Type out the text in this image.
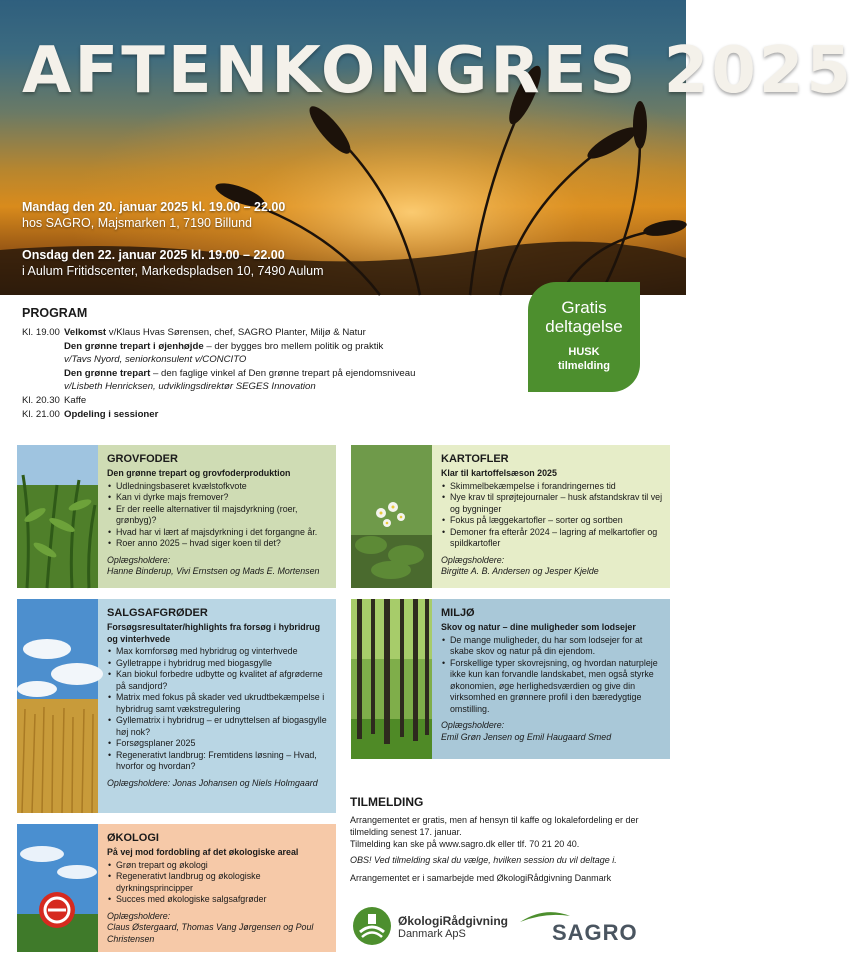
AFTENKONGRES 2025
Mandag den 20. januar 2025 kl. 19.00 – 22.00
hos SAGRO, Majsmarken 1, 7190 Billund
Onsdag den 22. januar 2025 kl. 19.00 – 22.00
i Aulum Fritidscenter, Markedspladsen 10, 7490 Aulum
Gratis
deltagelse
HUSK
tilmelding
PROGRAM
Kl. 19.00 Velkomst v/Klaus Hvas Sørensen, chef, SAGRO Planter, Miljø & Natur
Den grønne trepart i øjenhøjde – der bygges bro mellem politik og praktik
v/Tavs Nyord, seniorkonsulent v/CONCITO
Den grønne trepart – den faglige vinkel af Den grønne trepart på ejendomsniveau
v/Lisbeth Henricksen, udviklingsdirektør SEGES Innovation
Kl. 20.30 Kaffe
Kl. 21.00 Opdeling i sessioner
GROVFODER
Den grønne trepart og grovfoderproduktion
• Udledningsbaseret kvælstofkvote
• Kan vi dyrke majs fremover?
• Er der reelle alternativer til majsdyrkning (roer, grønbyg)?
• Hvad har vi lært af majsdyrkning i det forgangne år.
• Roer anno 2025 – hvad siger koen til det?
Oplægsholdere:
Hanne Binderup, Vivi Ernstsen og Mads E. Mortensen
KARTOFLER
Klar til kartoffelsæson 2025
• Skimmelbekæmpelse i forandringernes tid
• Nye krav til sprøjtejournaler – husk afstandskrav til vej og bygninger
• Fokus på læggekartofler – sorter og sortben
• Demoner fra efterår 2024 – lagring af melkartofler og spildkartofler
Oplægsholdere:
Birgitte A. B. Andersen og Jesper Kjelde
SALGSAFGRØDER
Forsøgsresultater/highlights fra forsøg i hybridrug og vinterhvede
• Max kornforsøg med hybridrug og vinterhvede
• Gylletrappe i hybridrug med biogasgylle
• Kan biokul forbedre udbytte og kvalitet af afgrøderne på sandjord?
• Matrix med fokus på skader ved ukrudtbekæmpelse i hybridrug samt vækstregulering
• Gyllematrix i hybridrug – er udnyttelsen af biogasgylle høj nok?
• Forsøgsplaner 2025
• Regenerativt landbrug: Fremtidens løsning – Hvad, hvorfor og hvordan?
Oplægsholdere: Jonas Johansen og Niels Holmgaard
MILJØ
Skov og natur – dine muligheder som lodsejer
• De mange muligheder, du har som lodsejer for at skabe skov og natur på din ejendom.
• Forskellige typer skovrejsning, og hvordan naturpleje ikke kun kan forvandle landskabet, men også styrke økonomien, øge herlighedsværdien og give din virksomhed en grønnere profil i den bæredygtige omstilling.
Oplægsholdere:
Emil Grøn Jensen og Emil Haugaard Smed
ØKOLOGI
På vej mod fordobling af det økologiske areal
• Grøn trepart og økologi
• Regenerativt landbrug og økologiske dyrkningsprincipper
• Succes med økologiske salgsafgrøder
Oplægsholdere:
Claus Østergaard, Thomas Vang Jørgensen og Poul Christensen
TILMELDING

Arrangementet er gratis, men af hensyn til kaffe og lokalefordeling er der tilmelding senest 17. januar.

Tilmelding kan ske på www.sagro.dk eller tlf. 70 21 20 40.

OBS! Ved tilmelding skal du vælge, hvilken session du vil deltage i.

Arrangementet er i samarbejde med ØkologiRådgivning Danmark

ØkologiRådgivning
Danmark ApS	SAGRO
